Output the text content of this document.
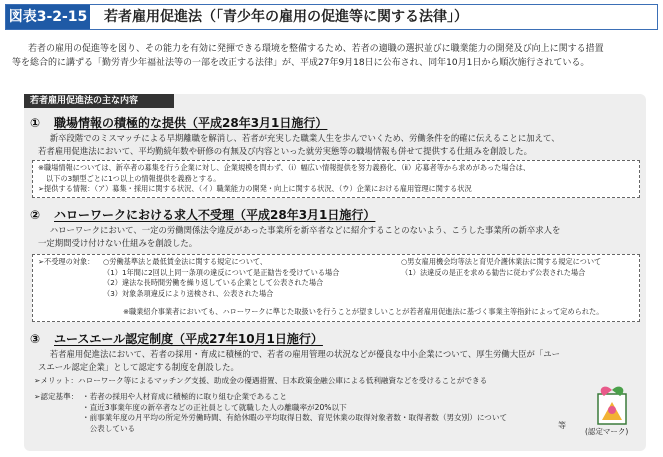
図表3-2-15 若者雇用促進法（「青少年の雇用の促進等に関する法律」）
若者の雇用の促進等を図り、その能力を有効に発揮できる環境を整備するため、若者の適職の選択並びに職業能力の開発及び向上に関する措置
等を総合的に講ずる「勤労青少年福祉法等の一部を改正する法律」が、平成27年9月18日に公布され、同年10月1日から順次施行されている。
若者雇用促進法の主な内容
① 職場情報の積極的な提供（平成28年3月1日施行）

新卒段階でのミスマッチによる早期離職を解消し、若者が充実した職業人生を歩んでいくため、労働条件を的確に伝えることに加えて、

若者雇用促進法において、平均勤続年数や研修の有無及び内容といった就労実態等の職場情報も併せて提供する仕組みを創設した。

※職場情報については、新卒者の募集を行う企業に対し、企業規模を問わず、（ⅰ）幅広い情報提供を努力義務化、（ⅱ）応募者等から求めがあった場合は、

以下の3類型ごとに1つ以上の情報提供を義務とする。

➢提供する情報：（ア）募集・採用に関する状況、（イ）職業能力の開発・向上に関する状況、（ウ）企業における雇用管理に関する状況

② ハローワークにおける求人不受理（平成28年3月1日施行）

ハローワークにおいて、一定の労働関係法令違反があった事業所を新卒者などに紹介することのないよう、こうした事業所の新卒求人を

一定期間受け付けない仕組みを創設した。

➢不受理の対象： ○労働基準法と最低賃金法に関する規定について、

（1）1年間に2回以上同一条項の違反について是正勧告を受けている場合

（2）違法な長時間労働を繰り返している企業として公表された場合

（3）対象条項違反により送検され、公表された場合

○男女雇用機会均等法と育児介護休業法に関する規定について

（1）法違反の是正を求める勧告に従わず公表された場合

※職業紹介事業者においても、ハローワークに準じた取扱いを行うことが望ましいことが若者雇用促進法に基づく事業主等指針によって定められた。
③ ユースエール認定制度（平成27年10月1日施行）

若者雇用促進法において、若者の採用・育成に積極的で、若者の雇用管理の状況などが優良な中小企業について、厚生労働大臣が「ユー

スエール認定企業」として認定する制度を創設した。

➢メリット：ハローワーク等によるマッチング支援、助成金の優遇措置、日本政策金融公庫による低利融資などを受けることができる

➢認定基準： ・若者の採用や人材育成に積極的に取り組む企業であること

・直近3事業年度の新卒者などの正社員として就職した人の離職率が20%以下

・前事業年度の月平均の所定外労働時間、有給休暇の平均取得日数、育児休業の取得対象者数・取得者数（男女別）について

　公表している	等
(認定マーク)
